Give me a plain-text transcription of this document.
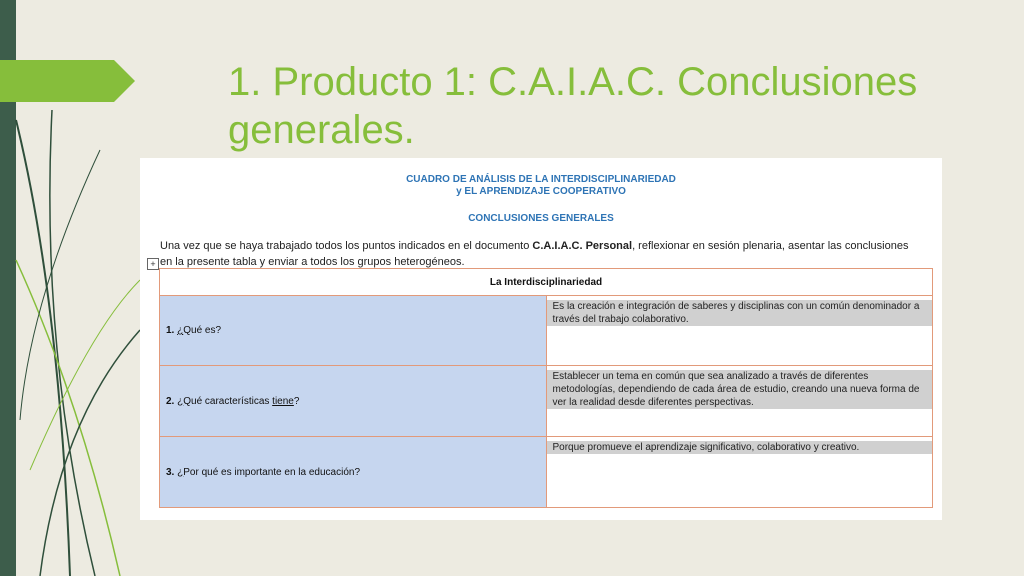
1. Producto 1: C.A.I.A.C. Conclusiones generales.
CUADRO DE ANÁLISIS DE LA INTERDISCIPLINARIEDAD
y EL APRENDIZAJE COOPERATIVO
CONCLUSIONES GENERALES
Una vez que se haya trabajado todos los puntos indicados en el documento C.A.I.A.C. Personal, reflexionar en sesión plenaria, asentar las conclusiones en la presente tabla y enviar a todos los grupos heterogéneos.
+
La Interdisciplinariedad	
1. ¿Qué es?	Es la creación e integración de saberes y disciplinas con un común denominador a través del trabajo colaborativo.

2. ¿Qué características tiene?	Establecer un tema en común que sea analizado a través de diferentes metodologías, dependiendo de cada área de estudio, creando una nueva forma de ver la realidad desde diferentes perspectivas.

3. ¿Por qué es importante en la educación?	Porque promueve el aprendizaje significativo, colaborativo y creativo.
